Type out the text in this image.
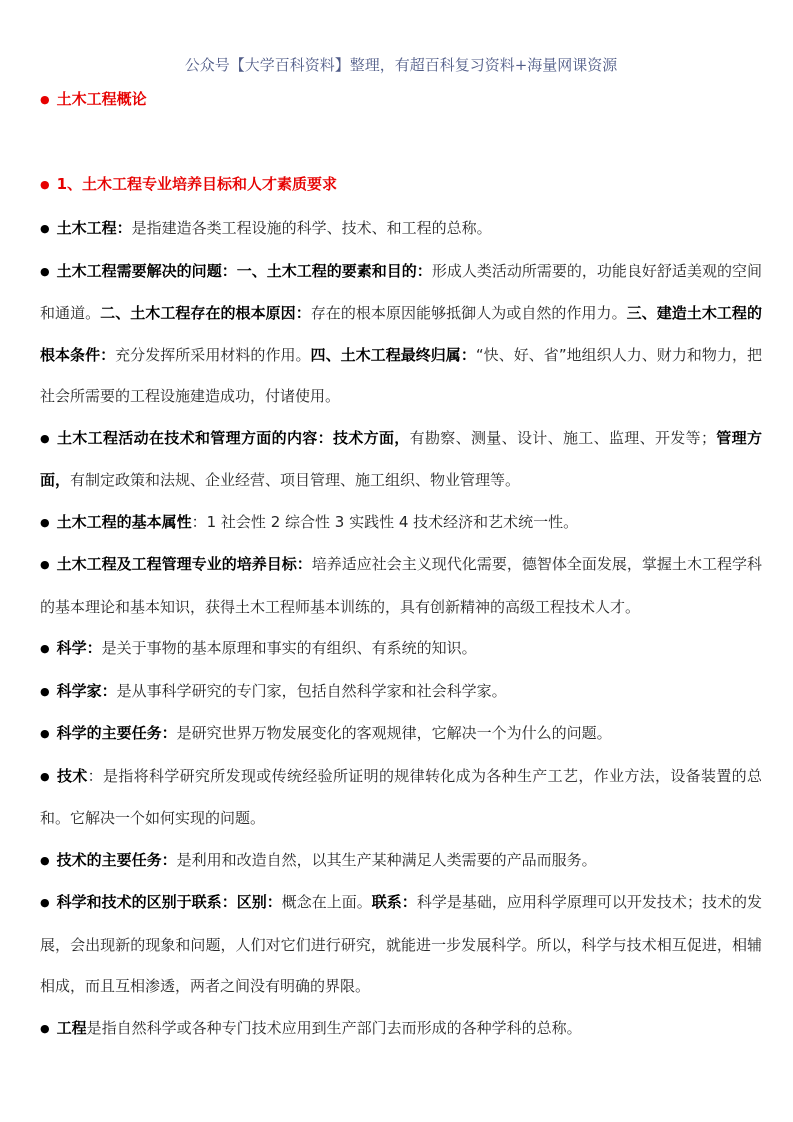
公众号【大学百科资料】整理，有超百科复习资料+海量网课资源

● 土木工程概论

● 1、土木工程专业培养目标和人才素质要求

● 土木工程：是指建造各类工程设施的科学、技术、和工程的总称。

● 土木工程需要解决的问题：一、土木工程的要素和目的：形成人类活动所需要的，功能良好舒适美观的空间和通道。二、土木工程存在的根本原因：存在的根本原因能够抵御人为或自然的作用力。三、建造土木工程的根本条件：充分发挥所采用材料的作用。四、土木工程最终归属：“快、好、省”地组织人力、财力和物力，把社会所需要的工程设施建造成功，付诸使用。

● 土木工程活动在技术和管理方面的内容：技术方面，有勘察、测量、设计、施工、监理、开发等；管理方面，有制定政策和法规、企业经营、项目管理、施工组织、物业管理等。

● 土木工程的基本属性：1 社会性 2 综合性 3 实践性 4 技术经济和艺术统一性。

● 土木工程及工程管理专业的培养目标：培养适应社会主义现代化需要，德智体全面发展，掌握土木工程学科的基本理论和基本知识，获得土木工程师基本训练的，具有创新精神的高级工程技术人才。

● 科学：是关于事物的基本原理和事实的有组织、有系统的知识。

● 科学家：是从事科学研究的专门家，包括自然科学家和社会科学家。

● 科学的主要任务：是研究世界万物发展变化的客观规律，它解决一个为什么的问题。

● 技术：是指将科学研究所发现或传统经验所证明的规律转化成为各种生产工艺，作业方法，设备装置的总和。它解决一个如何实现的问题。

● 技术的主要任务：是利用和改造自然，以其生产某种满足人类需要的产品而服务。

● 科学和技术的区别于联系：区别：概念在上面。联系：科学是基础，应用科学原理可以开发技术；技术的发展，会出现新的现象和问题，人们对它们进行研究，就能进一步发展科学。所以，科学与技术相互促进，相辅相成，而且互相渗透，两者之间没有明确的界限。

● 工程是指自然科学或各种专门技术应用到生产部门去而形成的各种学科的总称。
